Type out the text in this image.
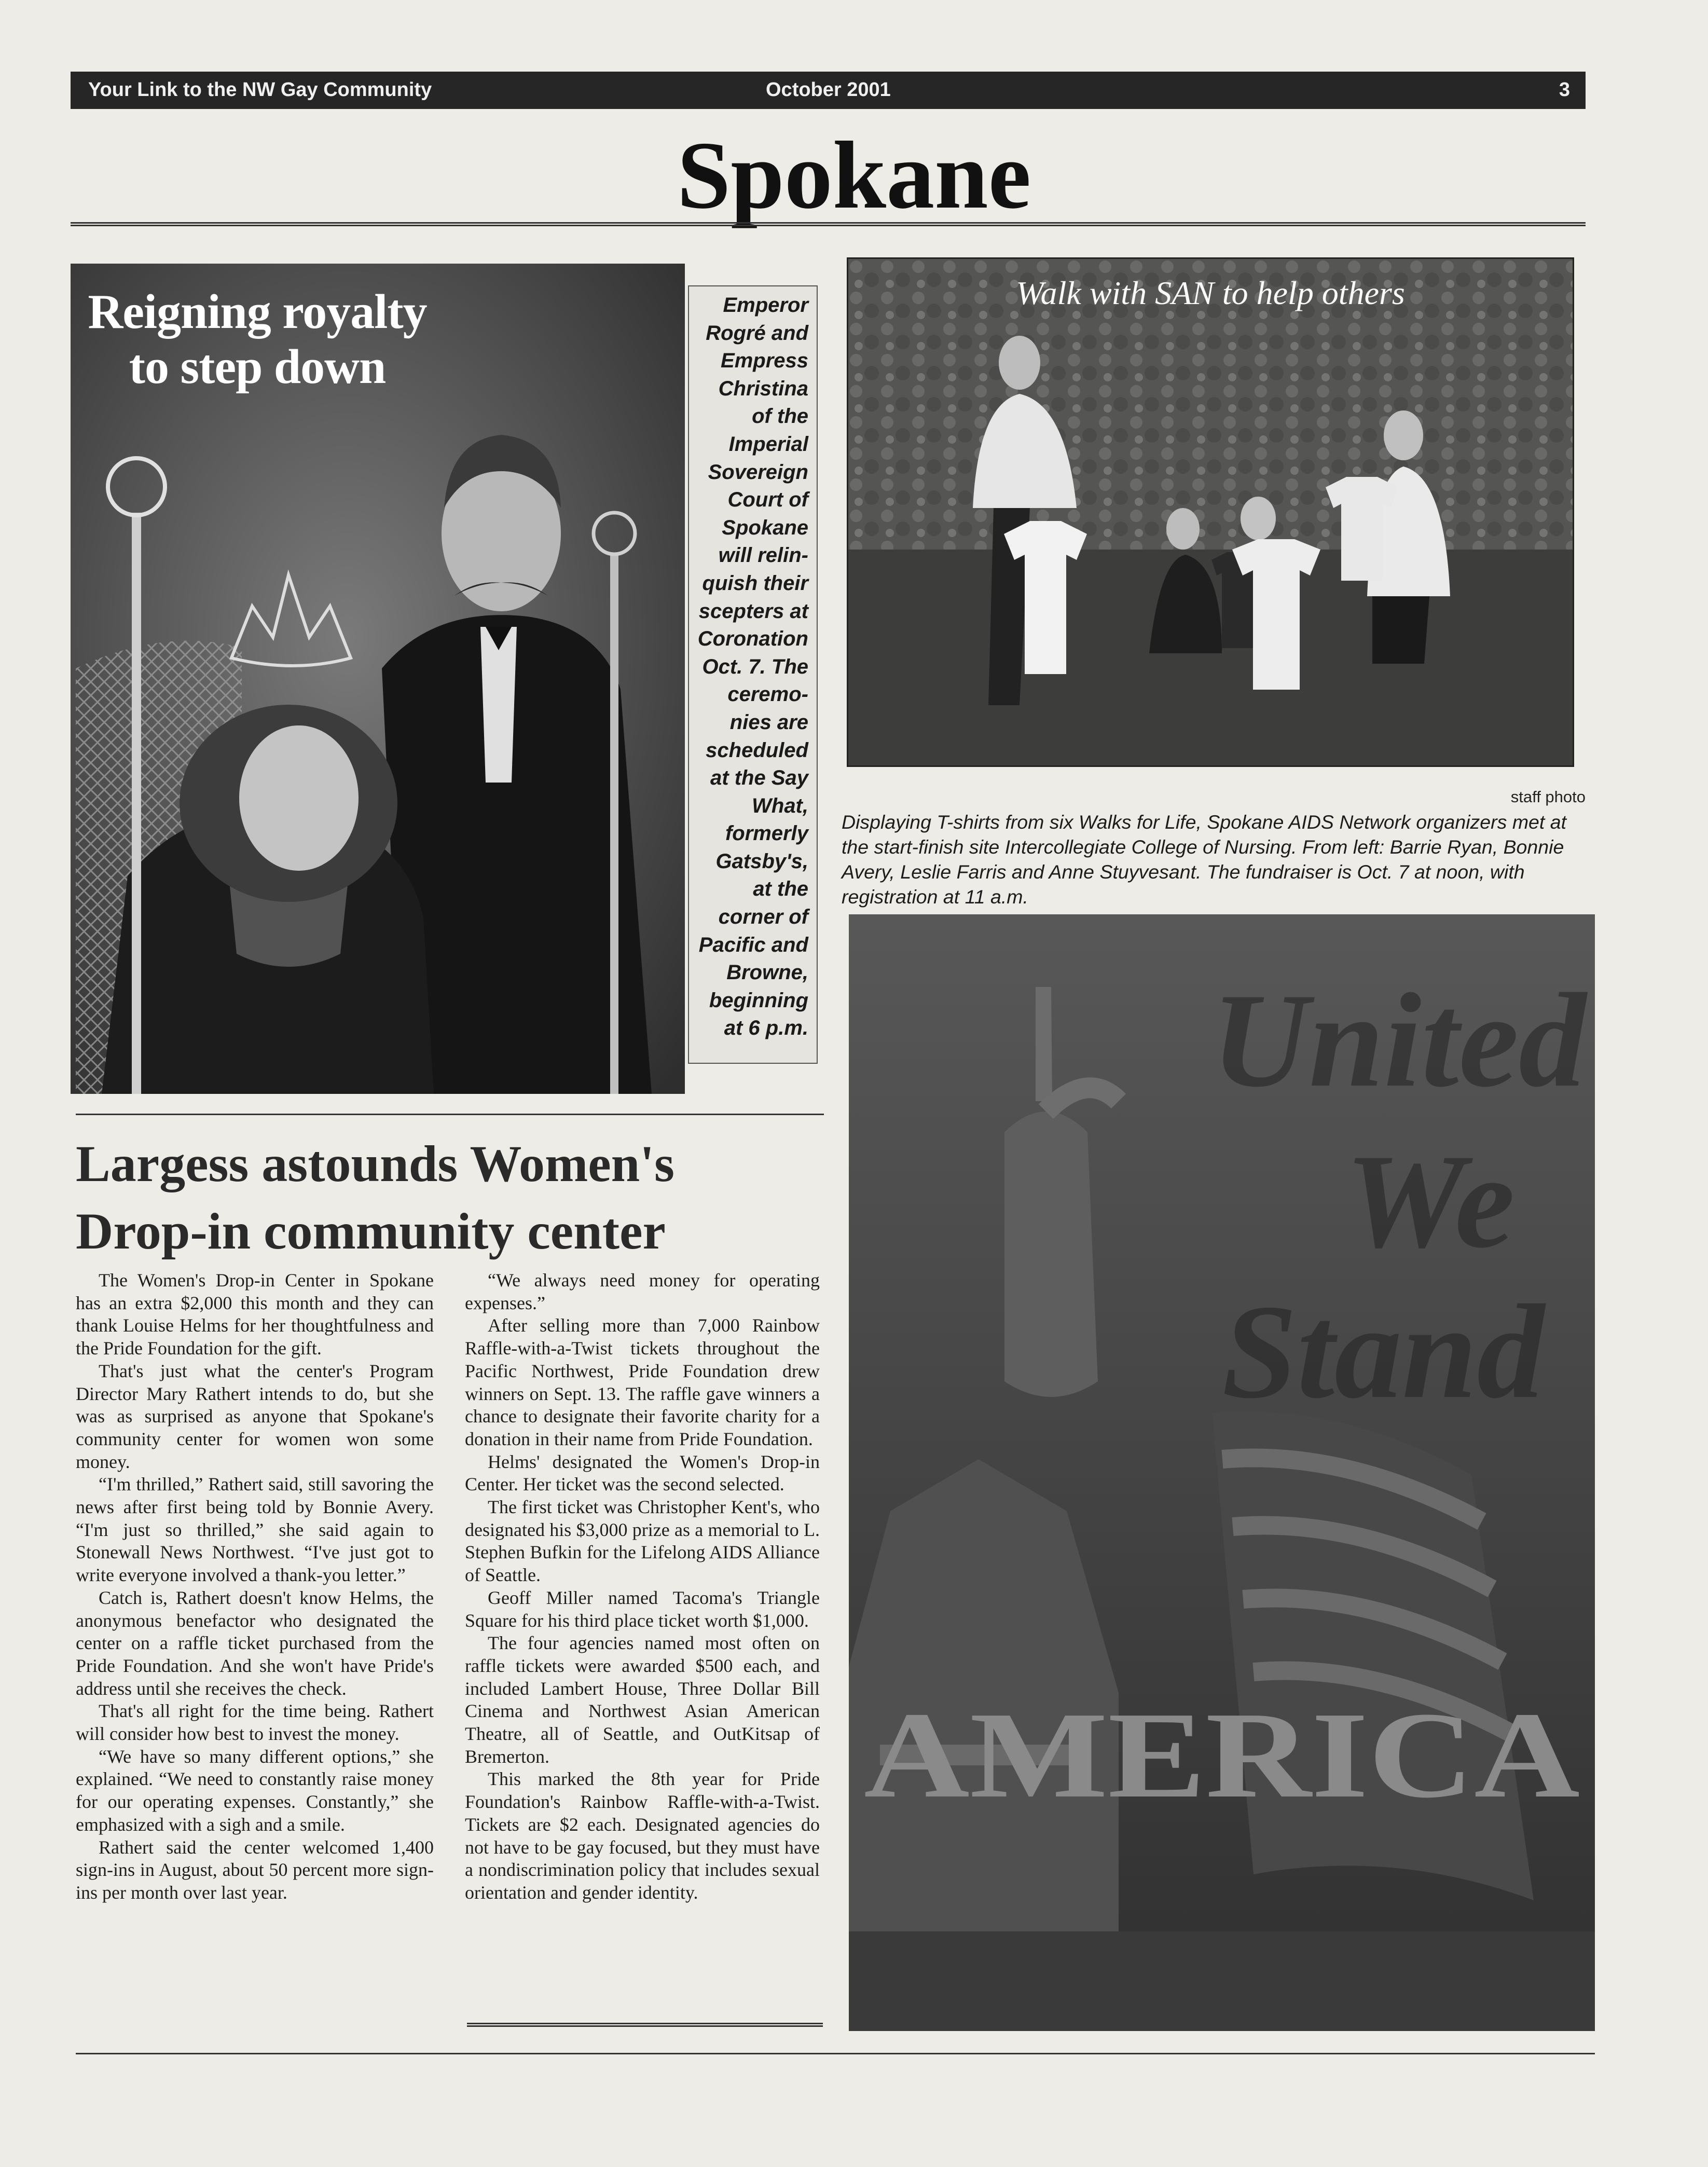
Your Link to the NW Gay Community	October 2001	3
Spokane
Reigning royalty
to step down
Emperor
Rogré and
Empress
Christina
of the
Imperial
Sovereign
Court of
Spokane
will relin-
quish their
scepters at
Coronation
Oct. 7. The
ceremo-
nies are
scheduled
at the Say
What,
formerly
Gatsby's,
at the
corner of
Pacific and
Browne,
beginning
at 6 p.m.
Walk with SAN to help others
staff photo
Displaying T-shirts from six Walks for Life, Spokane AIDS Network organizers met at the start-finish site Intercollegiate College of Nursing. From left: Barrie Ryan, Bonnie Avery, Leslie Farris and Anne Stuyvesant. The fundraiser is Oct. 7 at noon, with registration at 11 a.m.
United
We
Stand
AMERICA
Largess astounds Women's
Drop-in community center

The Women's Drop-in Center in Spokane has an extra $2,000 this month and they can thank Louise Helms for her thoughtfulness and the Pride Foundation for the gift.

That's just what the center's Program Director Mary Rathert intends to do, but she was as surprised as anyone that Spokane's community center for women won some money.

“I'm thrilled,” Rathert said, still savoring the news after first being told by Bonnie Avery. “I'm just so thrilled,” she said again to Stonewall News Northwest. “I've just got to write everyone involved a thank-you letter.”

Catch is, Rathert doesn't know Helms, the anonymous benefactor who designated the center on a raffle ticket purchased from the Pride Foundation. And she won't have Pride's address until she receives the check.

That's all right for the time being. Rathert will consider how best to invest the money.

“We have so many different options,” she explained. “We need to constantly raise money for our operating expenses. Constantly,” she emphasized with a sigh and a smile.

Rathert said the center welcomed 1,400 sign-ins in August, about 50 percent more sign-ins per month over last year.

“We always need money for operating expenses.”

After selling more than 7,000 Rainbow Raffle-with-a-Twist tickets throughout the Pacific Northwest, Pride Foundation drew winners on Sept. 13. The raffle gave winners a chance to designate their favorite charity for a donation in their name from Pride Foundation.

Helms' designated the Women's Drop-in Center. Her ticket was the second selected.

The first ticket was Christopher Kent's, who designated his $3,000 prize as a memorial to L. Stephen Bufkin for the Lifelong AIDS Alliance of Seattle.

Geoff Miller named Tacoma's Triangle Square for his third place ticket worth $1,000.

The four agencies named most often on raffle tickets were awarded $500 each, and included Lambert House, Three Dollar Bill Cinema and Northwest Asian American Theatre, all of Seattle, and OutKitsap of Bremerton.

This marked the 8th year for Pride Foundation's Rainbow Raffle-with-a-Twist. Tickets are $2 each. Designated agencies do not have to be gay focused, but they must have a nondiscrimination policy that includes sexual orientation and gender identity.
